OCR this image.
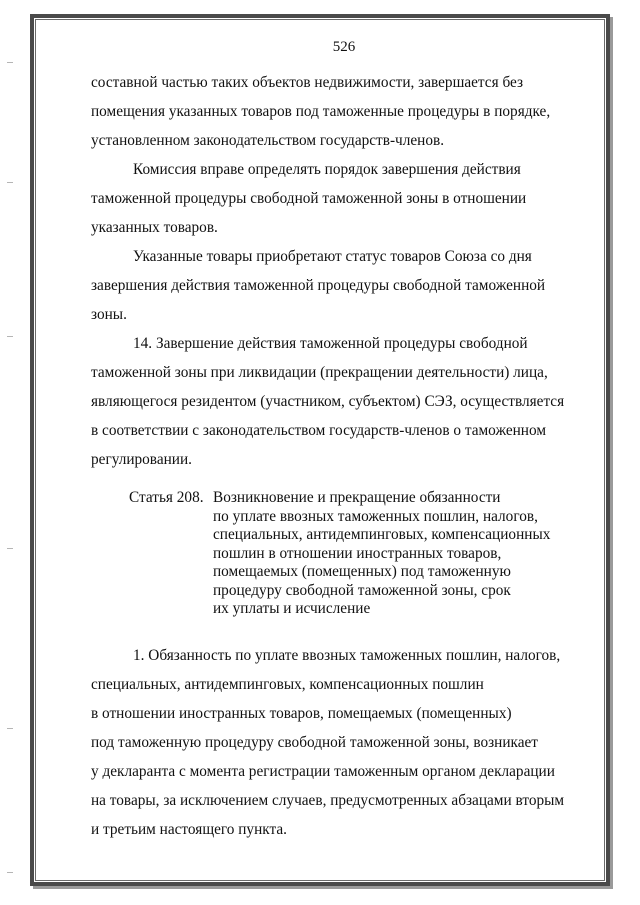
526

составной частью таких объектов недвижимости, завершается без
помещения указанных товаров под таможенные процедуры в порядке,
установленном законодательством государств-членов.

Комиссия вправе определять порядок завершения действия
таможенной процедуры свободной таможенной зоны в отношении
указанных товаров.

Указанные товары приобретают статус товаров Союза со дня
завершения действия таможенной процедуры свободной таможенной
зоны.

14. Завершение действия таможенной процедуры свободной
таможенной зоны при ликвидации (прекращении деятельности) лица,
являющегося резидентом (участником, субъектом) СЭЗ, осуществляется
в соответствии с законодательством государств-членов о таможенном
регулировании.

Статья 208. Возникновение и прекращение обязанности
по уплате ввозных таможенных пошлин, налогов,
специальных, антидемпинговых, компенсационных
пошлин в отношении иностранных товаров,
помещаемых (помещенных) под таможенную
процедуру свободной таможенной зоны, срок
их уплаты и исчисление

1. Обязанность по уплате ввозных таможенных пошлин, налогов,
специальных, антидемпинговых, компенсационных пошлин
в отношении иностранных товаров, помещаемых (помещенных)
под таможенную процедуру свободной таможенной зоны, возникает
у декларанта с момента регистрации таможенным органом декларации
на товары, за исключением случаев, предусмотренных абзацами вторым
и третьим настоящего пункта.
